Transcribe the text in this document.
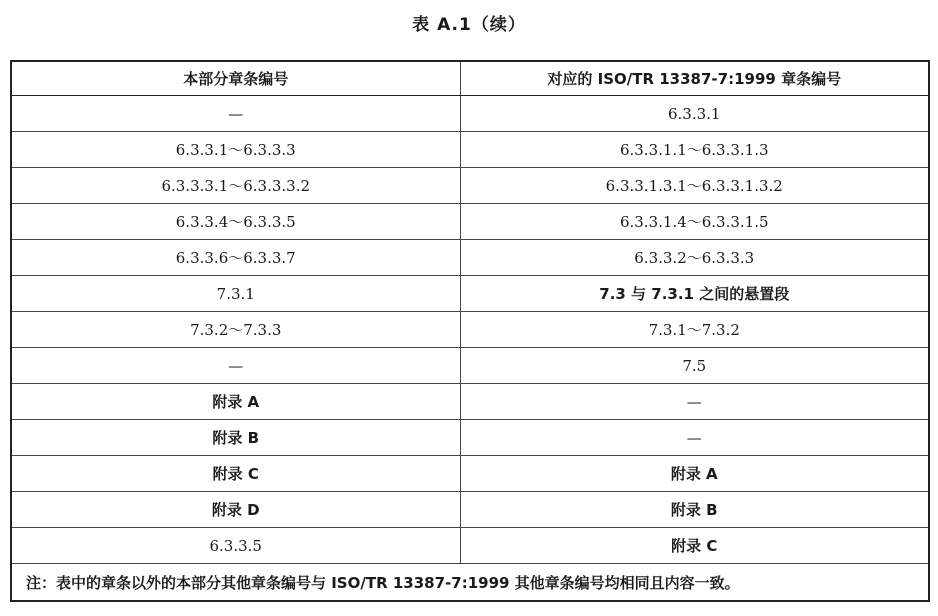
表 A.1（续）
本部分章条编号	对应的 ISO/TR 13387-7:1999 章条编号
—	6.3.3.1
6.3.3.1～6.3.3.3	6.3.3.1.1～6.3.3.1.3
6.3.3.3.1～6.3.3.3.2	6.3.3.1.3.1～6.3.3.1.3.2
6.3.3.4～6.3.3.5	6.3.3.1.4～6.3.3.1.5
6.3.3.6～6.3.3.7	6.3.3.2～6.3.3.3
7.3.1	7.3 与 7.3.1 之间的悬置段
7.3.2～7.3.3	7.3.1～7.3.2
—	7.5
附录 A	—
附录 B	—
附录 C	附录 A
附录 D	附录 B
6.3.3.5	附录 C
注：表中的章条以外的本部分其他章条编号与 ISO/TR 13387-7:1999 其他章条编号均相同且内容一致。	
